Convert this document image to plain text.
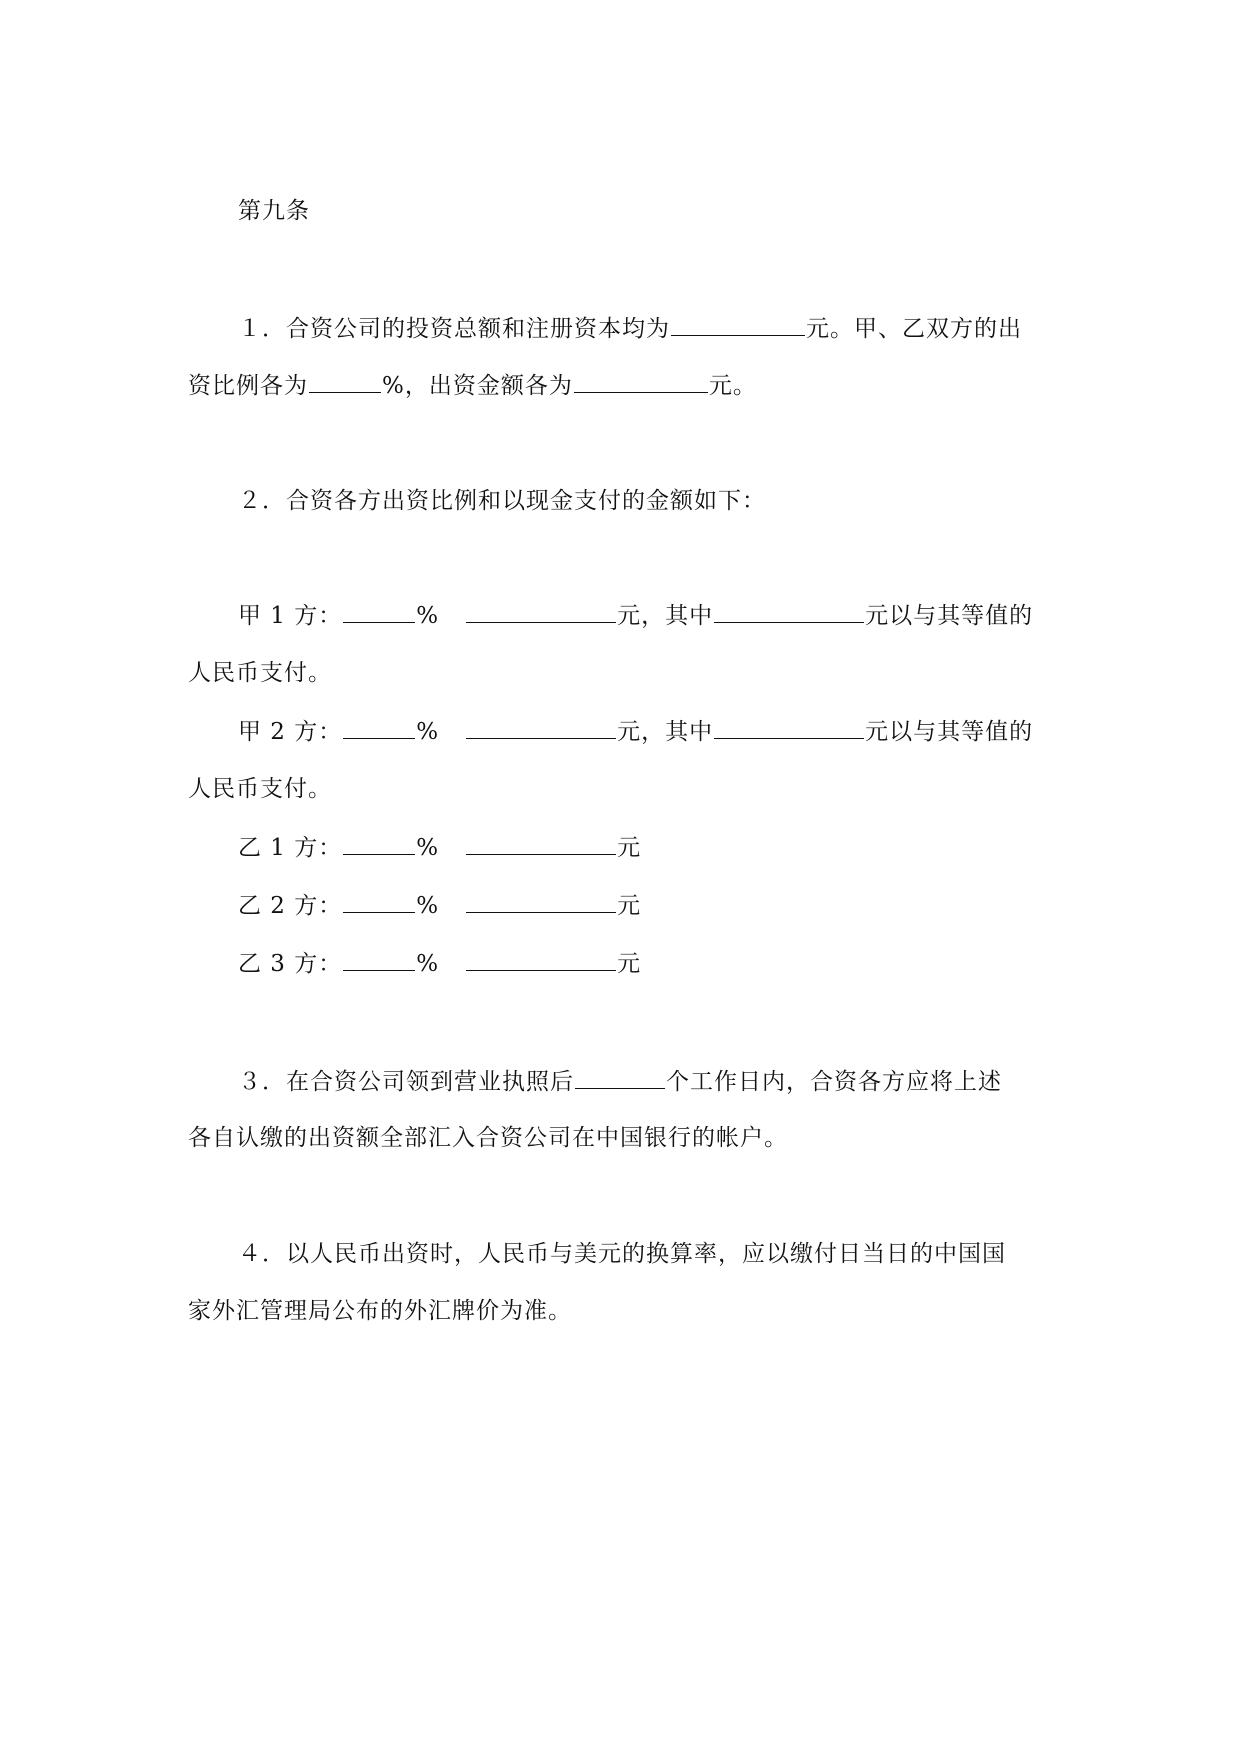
第九条
１．合资公司的投资总额和注册资本均为	元。甲、乙双方的出
资比例各为	%，出资金额各为	元。
２．合资各方出资比例和以现金支付的金额如下：
甲 1 方：	%	元，其中	元以与其等值的
人民币支付。
甲 2 方：	%	元，其中	元以与其等值的
人民币支付。
乙 1 方：	%	元
乙 2 方：	%	元
乙 3 方：	%	元
３．在合资公司领到营业执照后	个工作日内，合资各方应将上述
各自认缴的出资额全部汇入合资公司在中国银行的帐户。
４．以人民币出资时，人民币与美元的换算率，应以缴付日当日的中国国
家外汇管理局公布的外汇牌价为准。
